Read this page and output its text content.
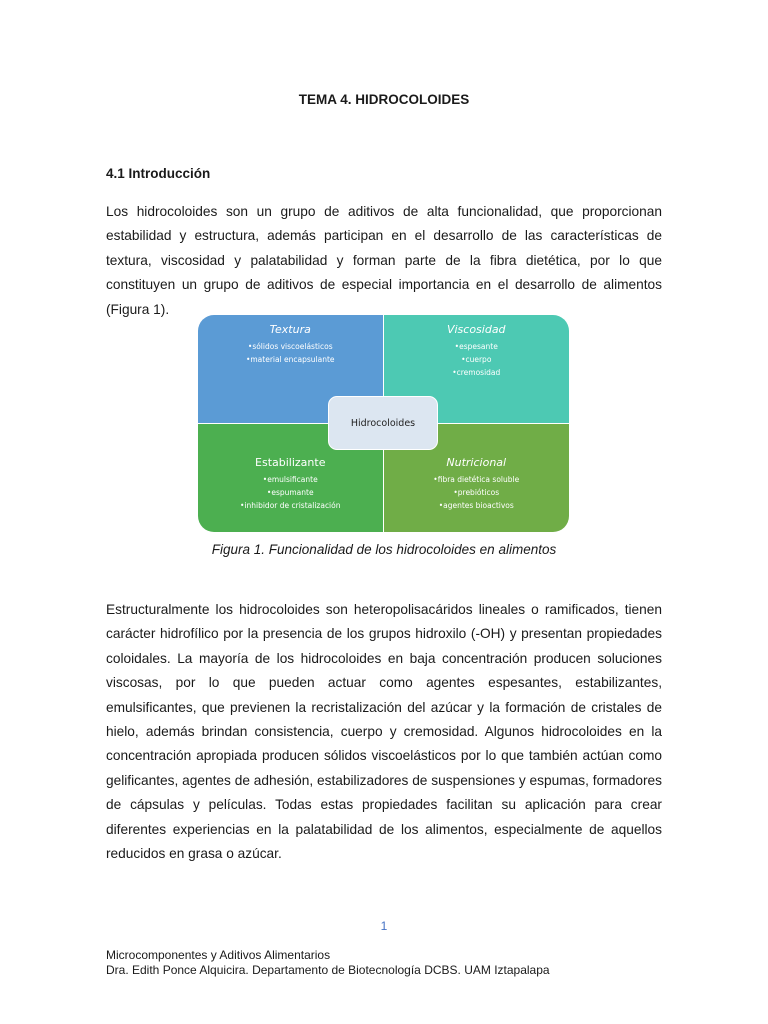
TEMA 4. HIDROCOLOIDES
4.1 Introducción
Los hidrocoloides son un grupo de aditivos de alta funcionalidad, que proporcionan estabilidad y estructura, además participan en el desarrollo de las características de textura, viscosidad y palatabilidad y forman parte de la fibra dietética, por lo que constituyen un grupo de aditivos de especial importancia en el desarrollo de alimentos (Figura 1).
Textura
•sólidos viscoelásticos
•material encapsulante
Viscosidad
•espesante
•cuerpo
•cremosidad
Estabilizante
•emulsificante
•espumante
•inhibidor de cristalización
Nutricional
•fibra dietética soluble
•prebióticos
•agentes bioactivos
Hidrocoloides
Figura 1. Funcionalidad de los hidrocoloides en alimentos
Estructuralmente los hidrocoloides son heteropolisacáridos lineales o ramificados, tienen carácter hidrofílico por la presencia de los grupos hidroxilo (-OH) y presentan propiedades coloidales. La mayoría de los hidrocoloides en baja concentración producen soluciones viscosas, por lo que pueden actuar como agentes espesantes, estabilizantes, emulsificantes, que previenen la recristalización del azúcar y la formación de cristales de hielo, además brindan consistencia, cuerpo y cremosidad. Algunos hidrocoloides en la concentración apropiada producen sólidos viscoelásticos por lo que también actúan como gelificantes, agentes de adhesión, estabilizadores de suspensiones y espumas, formadores de cápsulas y películas. Todas estas propiedades facilitan su aplicación para crear diferentes experiencias en la palatabilidad de los alimentos, especialmente de aquellos reducidos en grasa o azúcar.
1
Microcomponentes y Aditivos Alimentarios
Dra. Edith Ponce Alquicira. Departamento de Biotecnología DCBS. UAM Iztapalapa
